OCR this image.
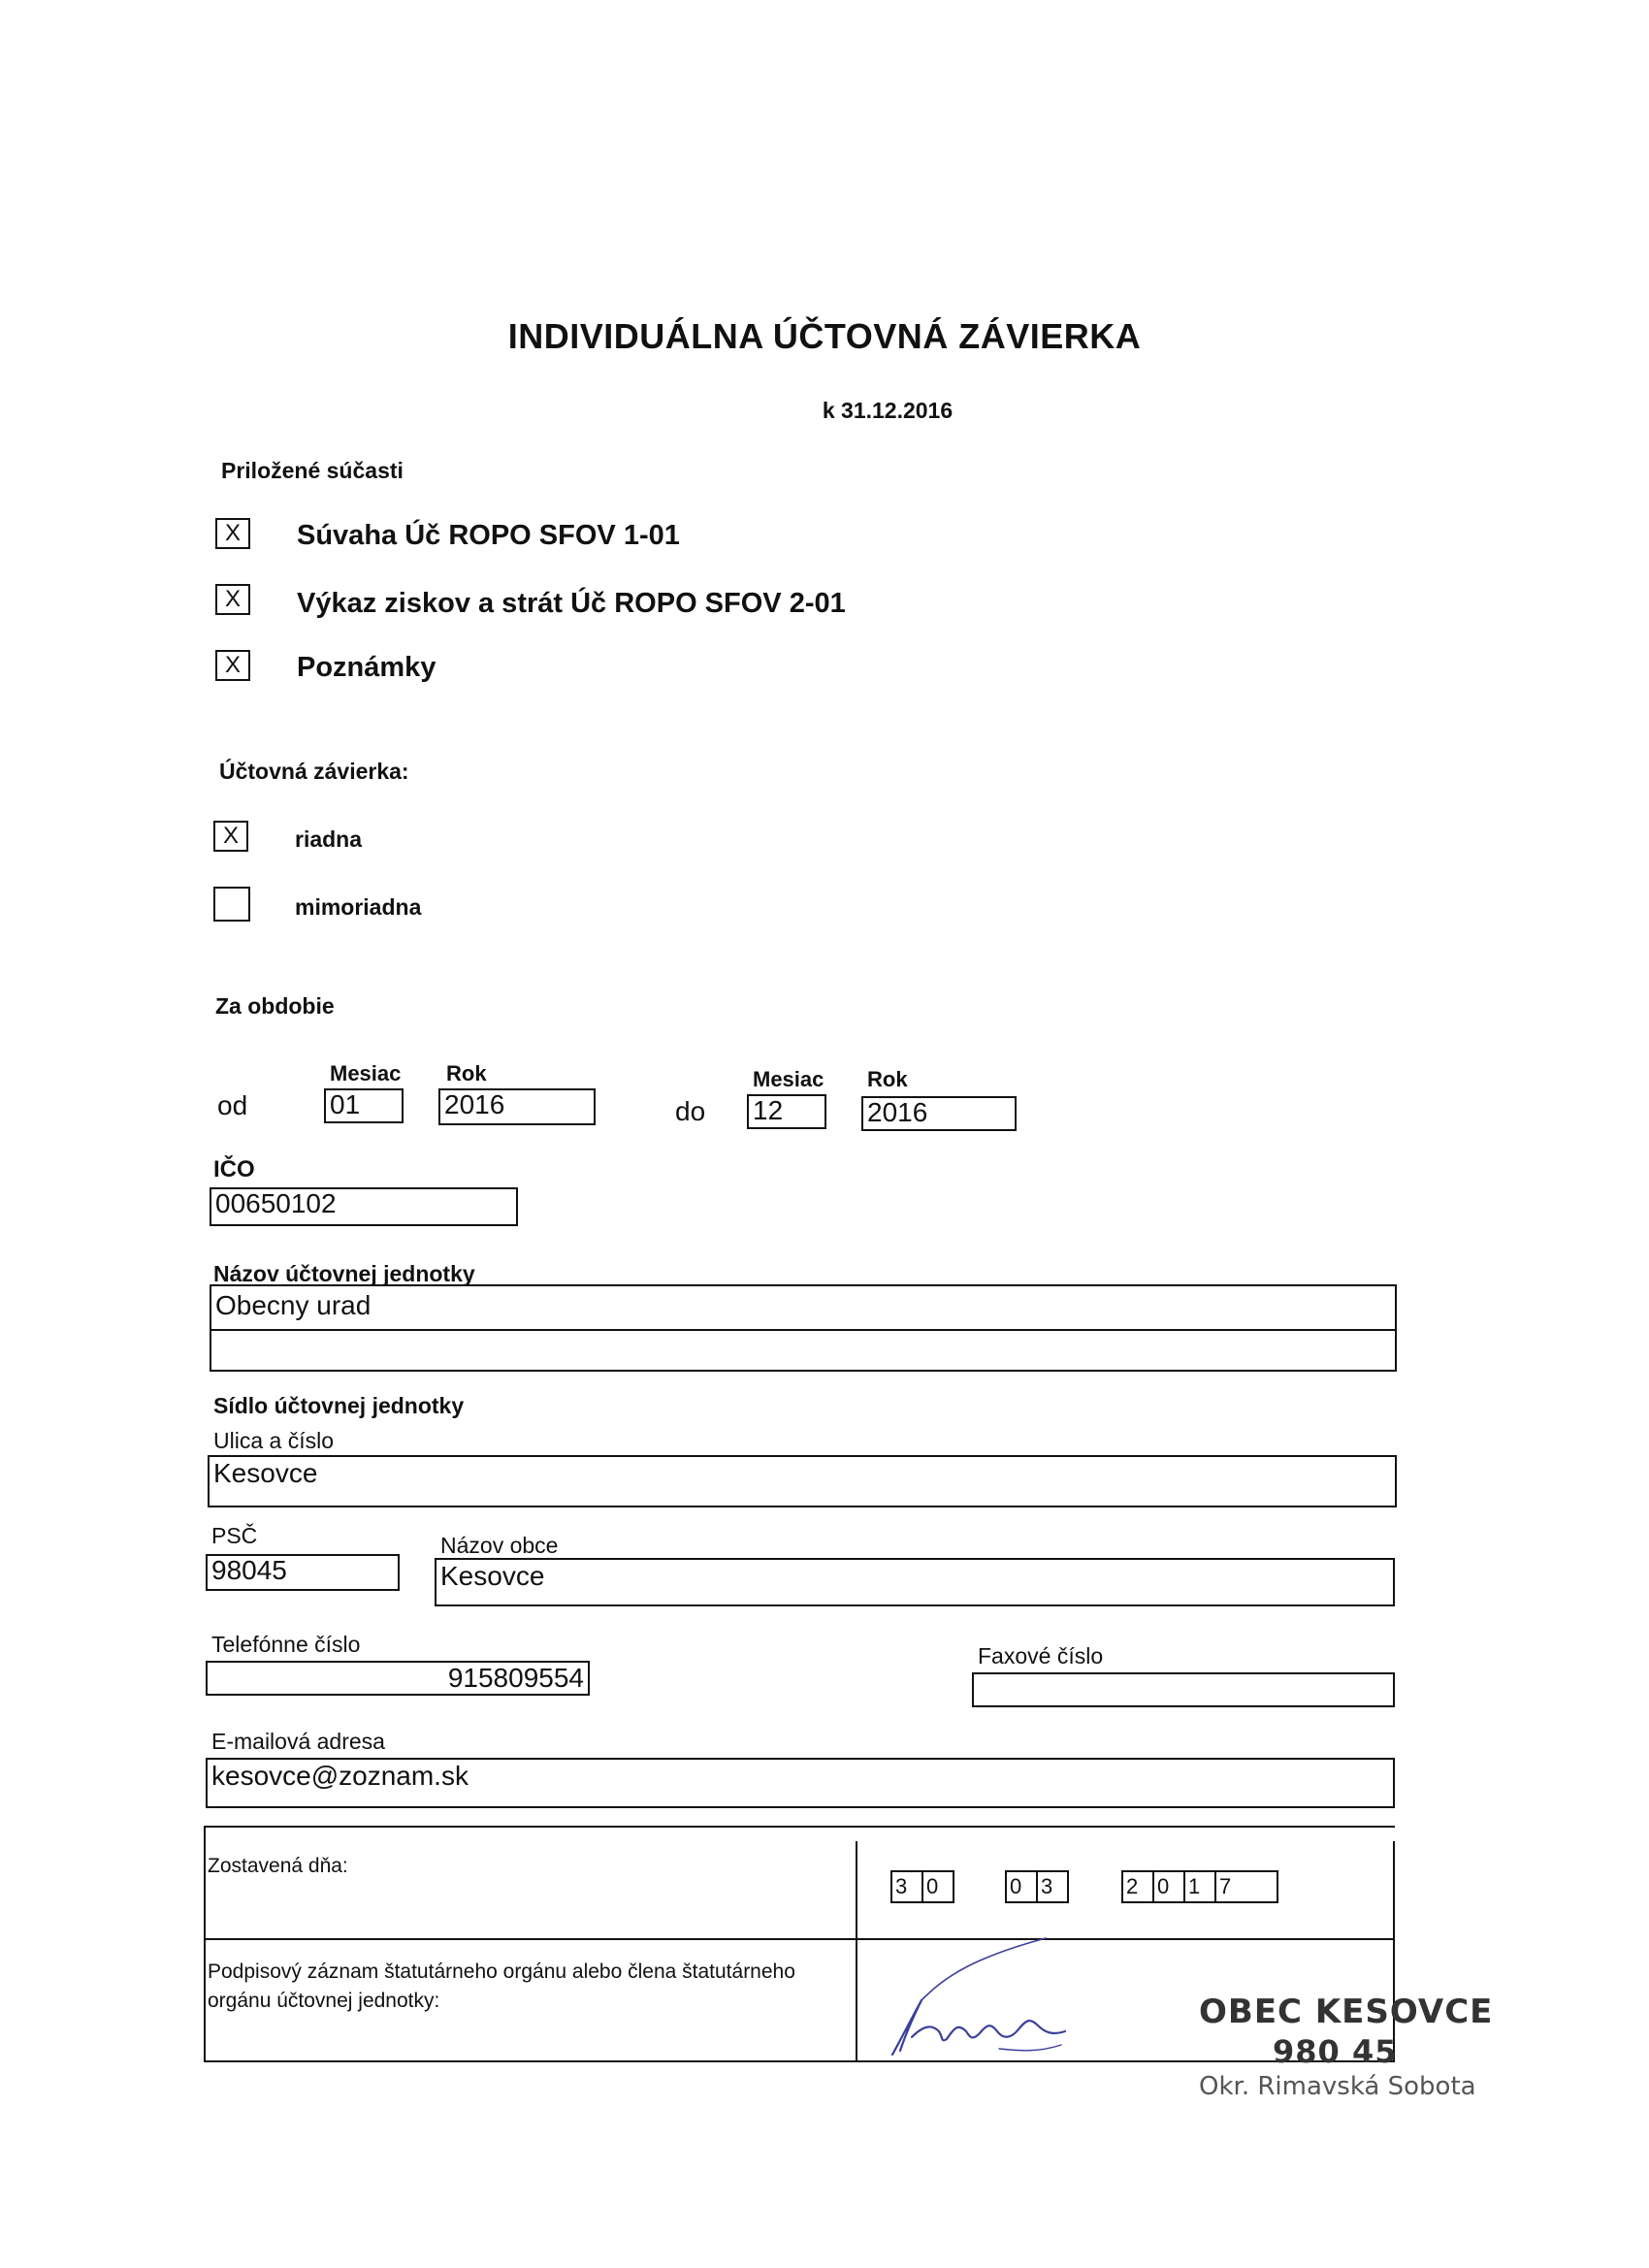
INDIVIDUÁLNA ÚČTOVNÁ ZÁVIERKA
k 31.12.2016
Priložené súčasti
X	Súvaha Úč ROPO SFOV 1-01
X	Výkaz ziskov a strát Úč ROPO SFOV 2-01
X	Poznámky
Účtovná závierka:
X	riadna
mimoriadna
Za obdobie
od
Mesiac Rok
01	2016	do
Mesiac Rok
12	2016
IČO
00650102
Názov účtovnej jednotky
Obecny urad
Sídlo účtovnej jednotky
Ulica a číslo
Kesovce
PSČ
98045
Názov obce
Kesovce
Telefónne číslo
915809554
Faxové číslo
E-mailová adresa
kesovce@zoznam.sk
Zostavená dňa:
3 0	0 3	2 0 1 7
Podpisový záznam štatutárneho orgánu alebo člena štatutárneho
orgánu účtovnej jednotky:	OBEC KESOVCE
980 45
Okr. Rimavská Sobota
